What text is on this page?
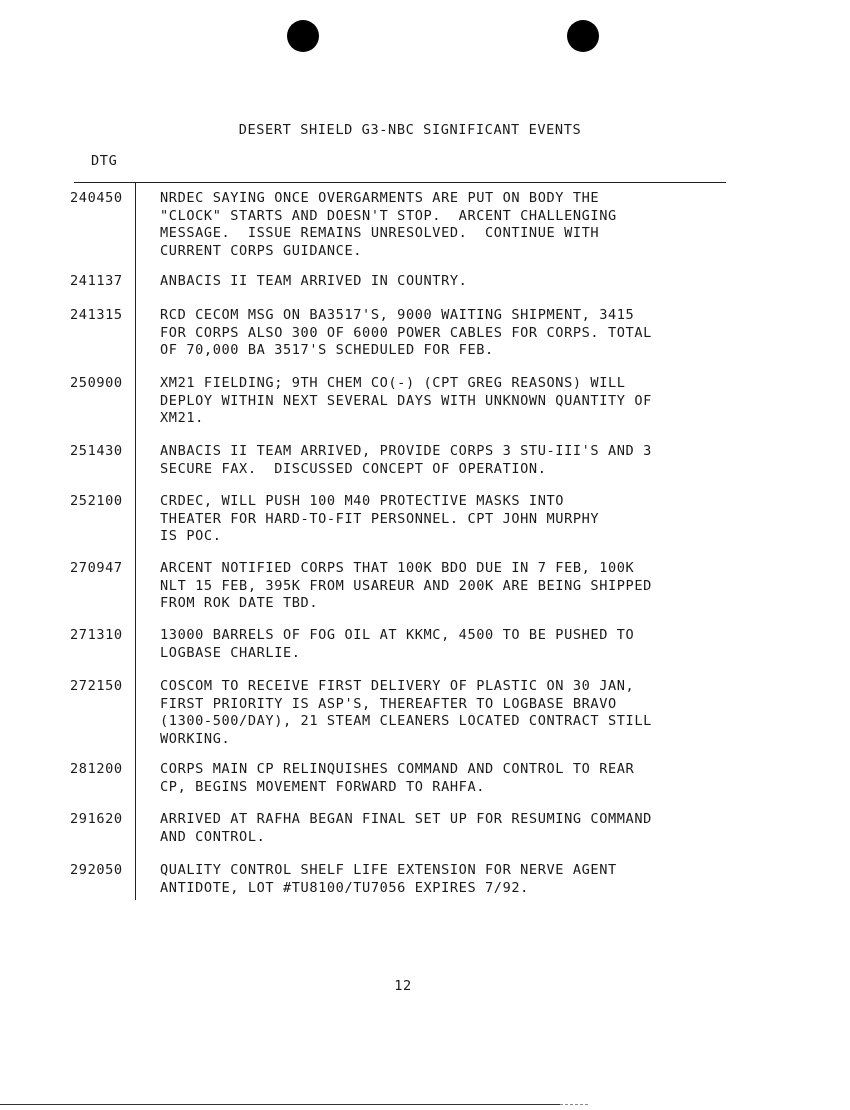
DESERT SHIELD G3-NBC SIGNIFICANT EVENTS
DTG
240450	NRDEC SAYING ONCE OVERGARMENTS ARE PUT ON BODY THE
"CLOCK" STARTS AND DOESN'T STOP.  ARCENT CHALLENGING
MESSAGE.  ISSUE REMAINS UNRESOLVED.  CONTINUE WITH
CURRENT CORPS GUIDANCE.
241137	ANBACIS II TEAM ARRIVED IN COUNTRY.
241315	RCD CECOM MSG ON BA3517'S, 9000 WAITING SHIPMENT, 3415
FOR CORPS ALSO 300 OF 6000 POWER CABLES FOR CORPS. TOTAL
OF 70,000 BA 3517'S SCHEDULED FOR FEB.
250900	XM21 FIELDING; 9TH CHEM CO(-) (CPT GREG REASONS) WILL
DEPLOY WITHIN NEXT SEVERAL DAYS WITH UNKNOWN QUANTITY OF
XM21.
251430	ANBACIS II TEAM ARRIVED, PROVIDE CORPS 3 STU-III'S AND 3
SECURE FAX.  DISCUSSED CONCEPT OF OPERATION.
252100	CRDEC, WILL PUSH 100 M40 PROTECTIVE MASKS INTO
THEATER FOR HARD-TO-FIT PERSONNEL. CPT JOHN MURPHY
IS POC.
270947	ARCENT NOTIFIED CORPS THAT 100K BDO DUE IN 7 FEB, 100K
NLT 15 FEB, 395K FROM USAREUR AND 200K ARE BEING SHIPPED
FROM ROK DATE TBD.
271310	13000 BARRELS OF FOG OIL AT KKMC, 4500 TO BE PUSHED TO
LOGBASE CHARLIE.
272150	COSCOM TO RECEIVE FIRST DELIVERY OF PLASTIC ON 30 JAN,
FIRST PRIORITY IS ASP'S, THEREAFTER TO LOGBASE BRAVO
(1300-500/DAY), 21 STEAM CLEANERS LOCATED CONTRACT STILL
WORKING.
281200	CORPS MAIN CP RELINQUISHES COMMAND AND CONTROL TO REAR
CP, BEGINS MOVEMENT FORWARD TO RAHFA.
291620	ARRIVED AT RAFHA BEGAN FINAL SET UP FOR RESUMING COMMAND
AND CONTROL.
292050	QUALITY CONTROL SHELF LIFE EXTENSION FOR NERVE AGENT
ANTIDOTE, LOT #TU8100/TU7056 EXPIRES 7/92.
12
